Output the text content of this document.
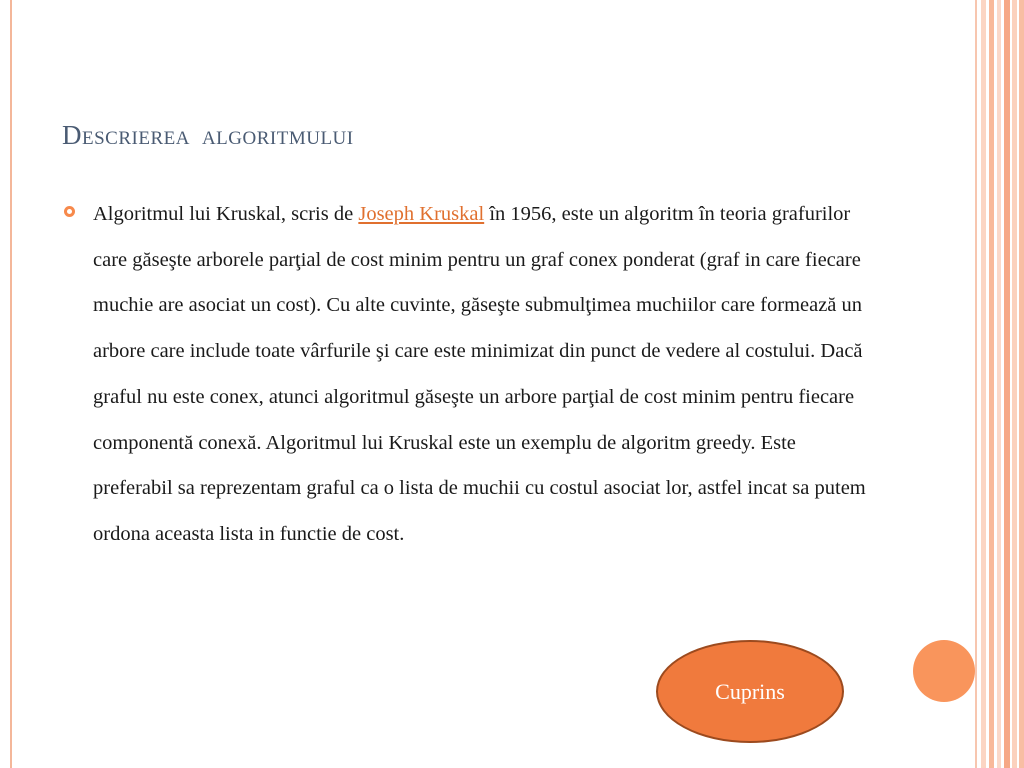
Descrierea algoritmului
Algoritmul lui Kruskal, scris de Joseph Kruskal în 1956, este un algoritm în teoria grafurilor care găseşte arborele parţial de cost minim pentru un graf conex ponderat (graf in care fiecare muchie are asociat un cost). Cu alte cuvinte, găseşte submulţimea muchiilor care formează un arbore care include toate vârfurile şi care este minimizat din punct de vedere al costului. Dacă graful nu este conex, atunci algoritmul găseşte un arbore parţial de cost minim pentru fiecare componentă conexă. Algoritmul lui Kruskal este un exemplu de algoritm greedy. Este preferabil sa reprezentam graful ca o lista de muchii cu costul asociat lor, astfel incat sa putem ordona aceasta lista in functie de cost.
Cuprins
